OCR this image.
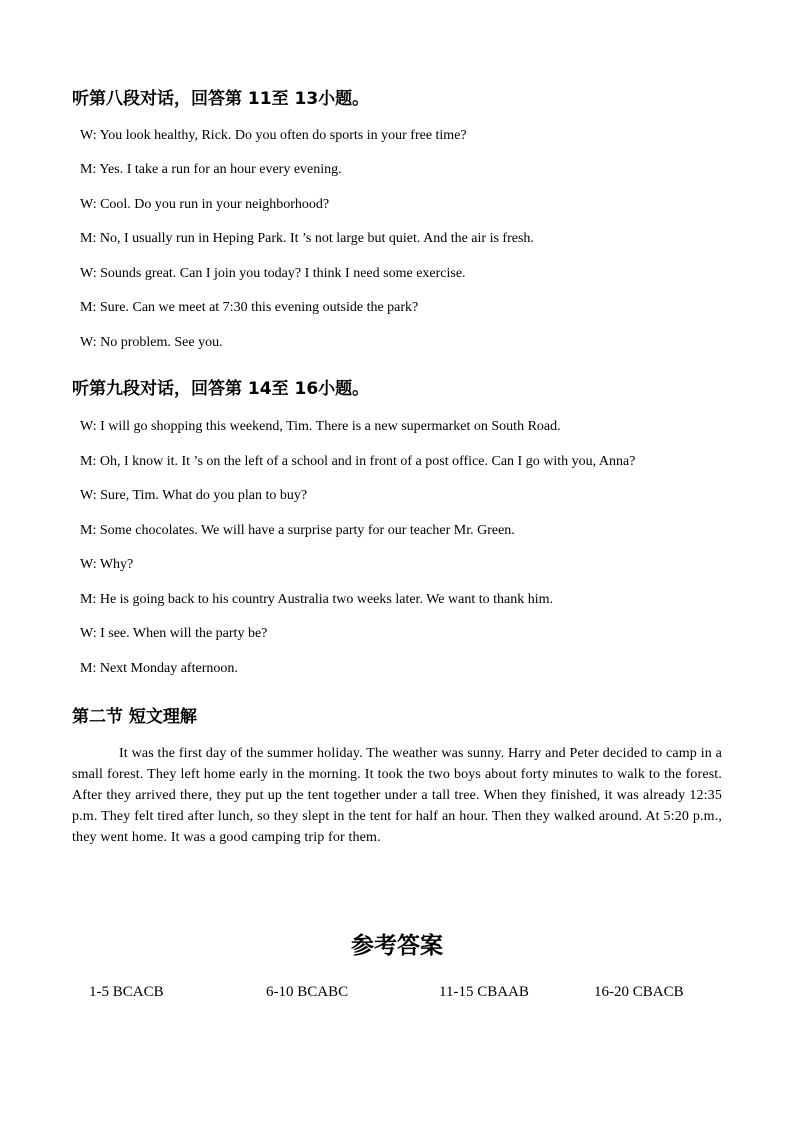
听第八段对话，回答第 11至 13小题。
W: You look healthy, Rick. Do you often do sports in your free time?
M: Yes. I take a run for an hour every evening.
W: Cool. Do you run in your neighborhood?
M: No, I usually run in Heping Park. It ’s not large but quiet. And the air is fresh.
W: Sounds great. Can I join you today? I think I need some exercise.
M: Sure. Can we meet at 7:30 this evening outside the park?
W: No problem. See you.
听第九段对话，回答第 14至 16小题。
W: I will go shopping this weekend, Tim. There is a new supermarket on South Road.
M: Oh, I know it. It ’s on the left of a school and in front of a post office. Can I go with you, Anna?
W: Sure, Tim. What do you plan to buy?
M: Some chocolates. We will have a surprise party for our teacher Mr. Green.
W: Why?
M: He is going back to his country Australia two weeks later. We want to thank him.
W: I see. When will the party be?
M: Next Monday afternoon.
第二节 短文理解
It was the first day of the summer holiday. The weather was sunny. Harry and Peter decided to camp in a small forest. They left home early in the morning. It took the two boys about forty minutes to walk to the forest. After they arrived there, they put up the tent together under a tall tree. When they finished, it was already 12:35 p.m. They felt tired after lunch, so they slept in the tent for half an hour. Then they walked around. At 5:20 p.m., they went home. It was a good camping trip for them.
参考答案
1-5 BCACB	6-10 BCABC	11-15 CBAAB	16-20 CBACB
